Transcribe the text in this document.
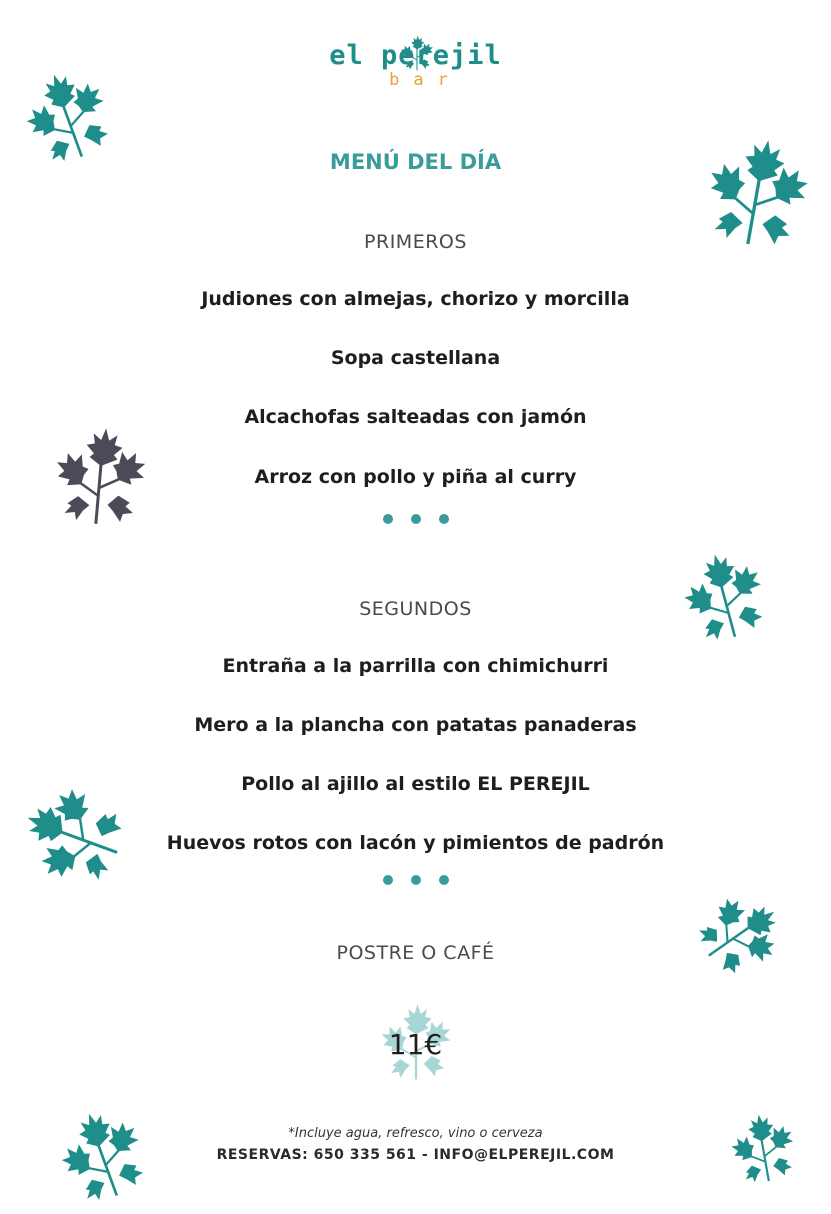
el perejil
bar
MENÚ DEL DÍA
PRIMEROS
Judiones con almejas, chorizo y morcilla
Sopa castellana
Alcachofas salteadas con jamón
Arroz con pollo y piña al curry
SEGUNDOS
Entraña a la parrilla con chimichurri
Mero a la plancha con patatas panaderas
Pollo al ajillo al estilo EL PEREJIL
Huevos rotos con lacón y pimientos de padrón
POSTRE O CAFÉ
11€
*Incluye agua, refresco, vino o cerveza
RESERVAS: 650 335 561 - INFO@ELPEREJIL.COM
